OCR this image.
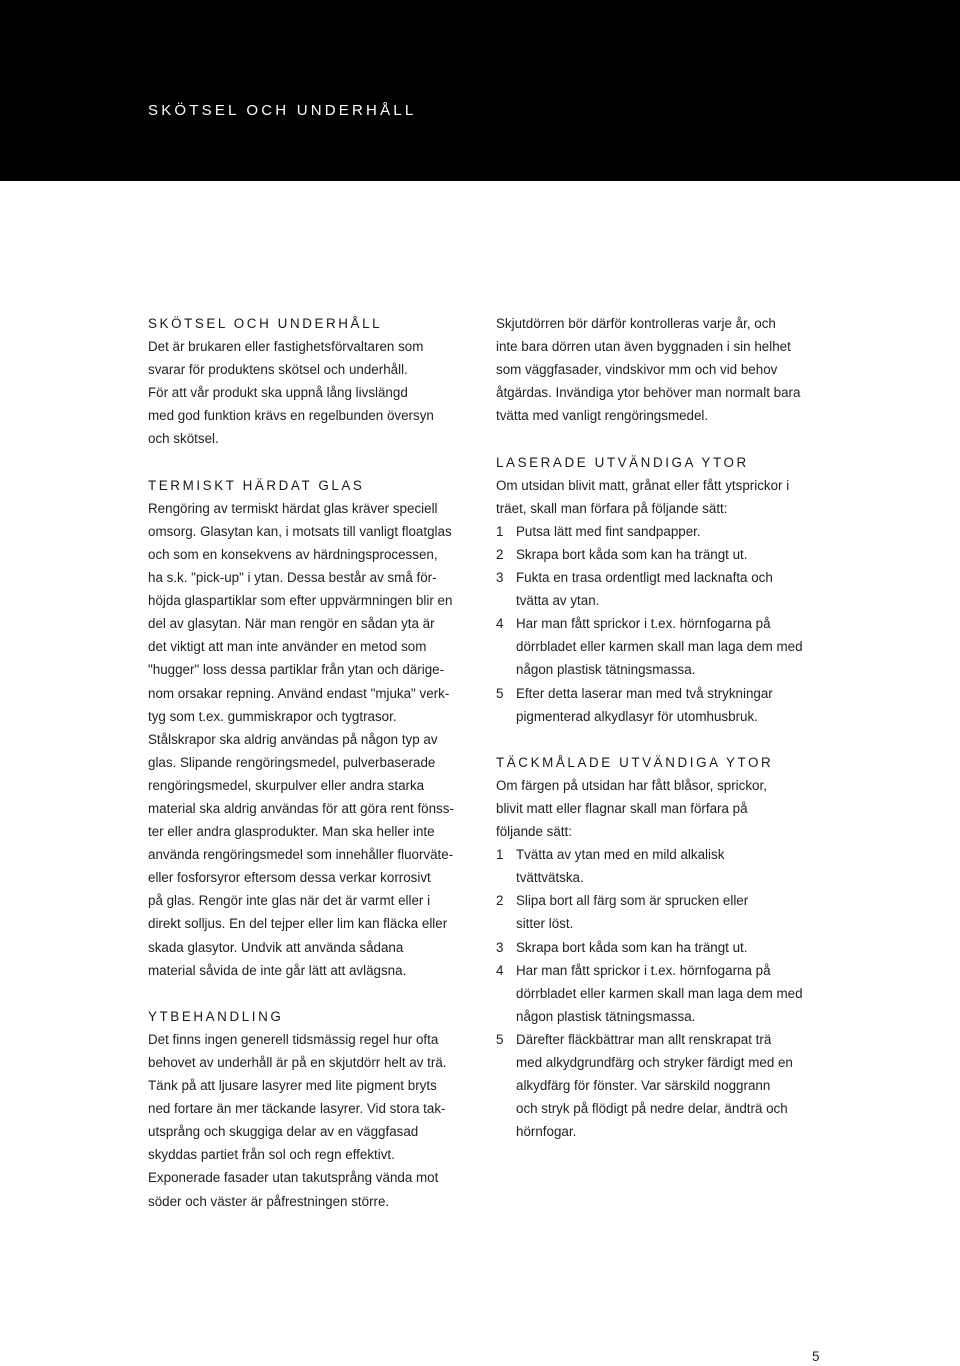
SKÖTSEL OCH UNDERHÅLL
SKÖTSEL OCH UNDERHÅLL
Det är brukaren eller fastighetsförvaltaren som
svarar för produktens skötsel och underhåll.
För att vår produkt ska uppnå lång livslängd
med god funktion krävs en regelbunden översyn
och skötsel.
TERMISKT HÄRDAT GLAS
Rengöring av termiskt härdat glas kräver speciell
omsorg. Glasytan kan, i motsats till vanligt floatglas
och som en konsekvens av härdningsprocessen,
ha s.k. "pick-up" i ytan. Dessa består av små för-
höjda glaspartiklar som efter uppvärmningen blir en
del av glasytan. När man rengör en sådan yta är
det viktigt att man inte använder en metod som
"hugger" loss dessa partiklar från ytan och därige-
nom orsakar repning. Använd endast "mjuka" verk-
tyg som t.ex. gummiskrapor och tygtrasor.
Stålskrapor ska aldrig användas på någon typ av
glas. Slipande rengöringsmedel, pulverbaserade
rengöringsmedel, skurpulver eller andra starka
material ska aldrig användas för att göra rent fönss-
ter eller andra glasprodukter. Man ska heller inte
använda rengöringsmedel som innehåller fluorväte-
eller fosforsyror eftersom dessa verkar korrosivt
på glas. Rengör inte glas när det är varmt eller i
direkt solljus. En del tejper eller lim kan fläcka eller
skada glasytor. Undvik att använda sådana
material såvida de inte går lätt att avlägsna.
YTBEHANDLING
Det finns ingen generell tidsmässig regel hur ofta
behovet av underhåll är på en skjutdörr helt av trä.
Tänk på att ljusare lasyrer med lite pigment bryts
ned fortare än mer täckande lasyrer. Vid stora tak-
utsprång och skuggiga delar av en väggfasad
skyddas partiet från sol och regn effektivt.
Exponerade fasader utan takutsprång vända mot
söder och väster är påfrestningen större.
Skjutdörren bör därför kontrolleras varje år, och
inte bara dörren utan även byggnaden i sin helhet
som väggfasader, vindskivor mm och vid behov
åtgärdas. Invändiga ytor behöver man normalt bara
tvätta med vanligt rengöringsmedel.
LASERADE UTVÄNDIGA YTOR
Om utsidan blivit matt, grånat eller fått ytsprickor i
träet, skall man förfara på följande sätt:
1 Putsa lätt med fint sandpapper.
2 Skrapa bort kåda som kan ha trängt ut.
3 Fukta en trasa ordentligt med lacknafta och
tvätta av ytan.
4 Har man fått sprickor i t.ex. hörnfogarna på
dörrbladet eller karmen skall man laga dem med
någon plastisk tätningsmassa.
5 Efter detta laserar man med två strykningar
pigmenterad alkydlasyr för utomhusbruk.
TÄCKMÅLADE UTVÄNDIGA YTOR
Om färgen på utsidan har fått blåsor, sprickor,
blivit matt eller flagnar skall man förfara på
följande sätt:
1 Tvätta av ytan med en mild alkalisk
tvättvätska.
2 Slipa bort all färg som är sprucken eller
sitter löst.
3 Skrapa bort kåda som kan ha trängt ut.
4 Har man fått sprickor i t.ex. hörnfogarna på
dörrbladet eller karmen skall man laga dem med
någon plastisk tätningsmassa.
5 Därefter fläckbättrar man allt renskrapat trä
med alkydgrundfärg och stryker färdigt med en
alkydfärg för fönster. Var särskild noggrann
och stryk på flödigt på nedre delar, ändträ och
hörnfogar.
5
